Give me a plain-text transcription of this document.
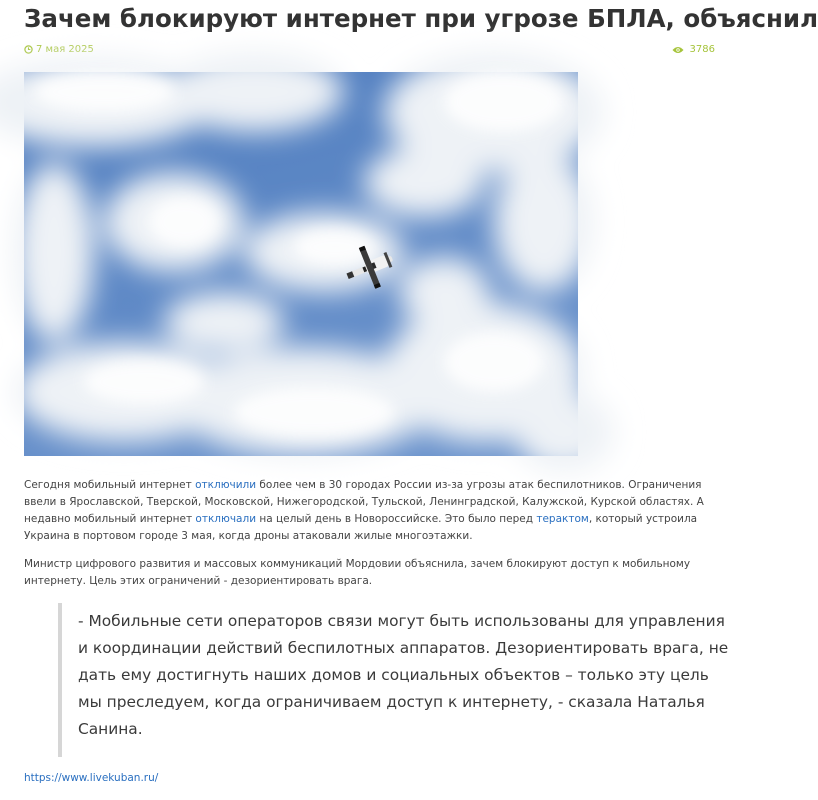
Зачем блокируют интернет при угрозе БПЛА, объяснил
7 мая 2025	3786

Сегодня мобильный интернет отключили более чем в 30 городах России из-за угрозы атак беспилотников. Ограничения ввели в Ярославской, Тверской, Московской, Нижегородской, Тульской, Ленинградской, Калужской, Курской областях. А недавно мобильный интернет отключали на целый день в Новороссийске. Это было перед терактом, который устроила Украина в портовом городе 3 мая, когда дроны атаковали жилые многоэтажки.

Министр цифрового развития и массовых коммуникаций Мордовии объяснила, зачем блокируют доступ к мобильному интернету. Цель этих ограничений - дезориентировать врага.

- Мобильные сети операторов связи могут быть использованы для управления и координации действий беспилотных аппаратов. Дезориентировать врага, не дать ему достигнуть наших домов и социальных объектов – только эту цель мы преследуем, когда ограничиваем доступ к интернету, - сказала Наталья Санина.
https://www.livekuban.ru/
